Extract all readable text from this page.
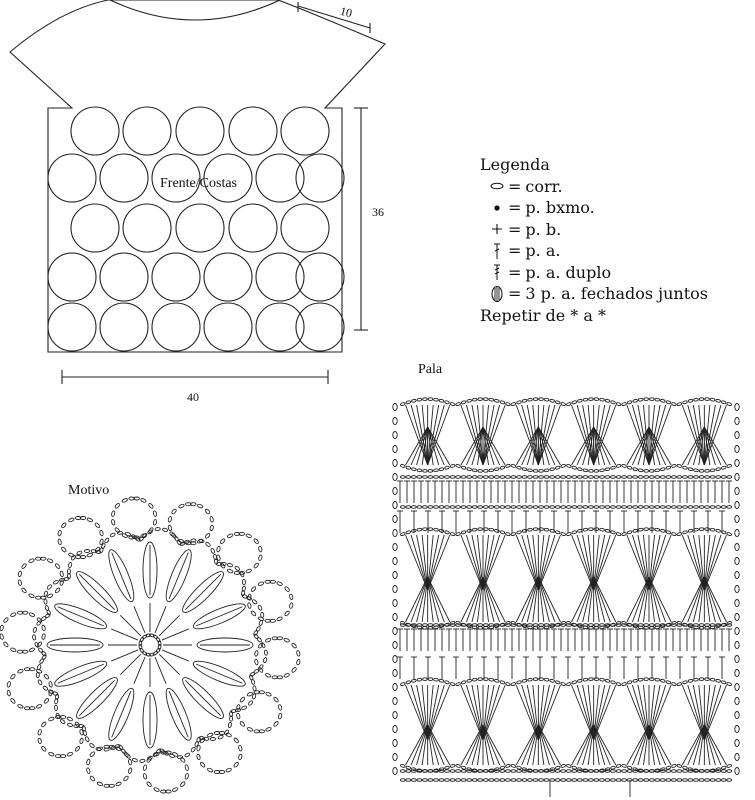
Frente/Costas
10
36
40
Legenda
= corr.
= p. bxmo.
= p. b.
= p. a.
= p. a. duplo
= 3 p. a. fechados juntos
Repetir de * a *
Motivo
Pala
